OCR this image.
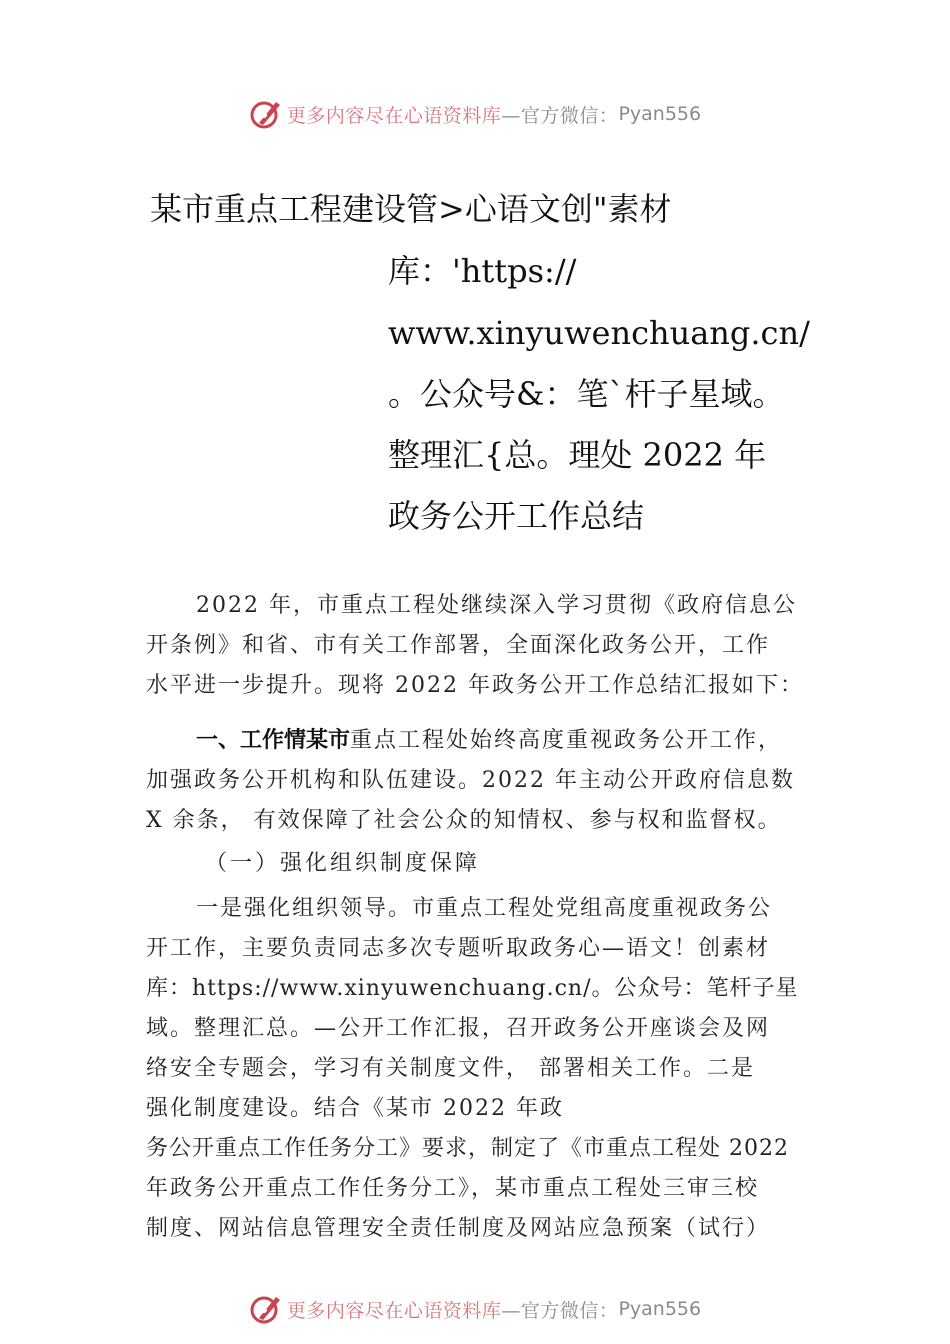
更多内容尽在心语资料库 —官方微信： Pyan556
某市重点工程建设管>心语文创"素材
库：'https://
www.xinyuwenchuang.cn/
。公众号&：笔`杆子星域。
整理汇{总。理处 2022 年
政务公开工作总结
2022 年，市重点工程处继续深入学习贯彻《政府信息公
开条例》和省、市有关工作部署，全面深化政务公开，工作
水平进一步提升。现将 2022 年政务公开工作总结汇报如下：
一、工作情某市重点工程处始终高度重视政务公开工作，
加强政务公开机构和队伍建设。2022 年主动公开政府信息数
X 余条， 有效保障了社会公众的知情权、参与权和监督权。
（一）强化组织制度保障
一是强化组织领导。市重点工程处党组高度重视政务公
开工作，主要负责同志多次专题听取政务心—语文！创素材
库：https://www.xinyuwenchuang.cn/。公众号：笔杆子星
域。整理汇总。—公开工作汇报，召开政务公开座谈会及网
络安全专题会，学习有关制度文件， 部署相关工作。二是
强化制度建设。结合《某市 2022 年政
务公开重点工作任务分工》要求，制定了《市重点工程处 2022
年政务公开重点工作任务分工》，某市重点工程处三审三校
制度、网站信息管理安全责任制度及网站应急预案（试行）
更多内容尽在心语资料库 —官方微信： Pyan556
